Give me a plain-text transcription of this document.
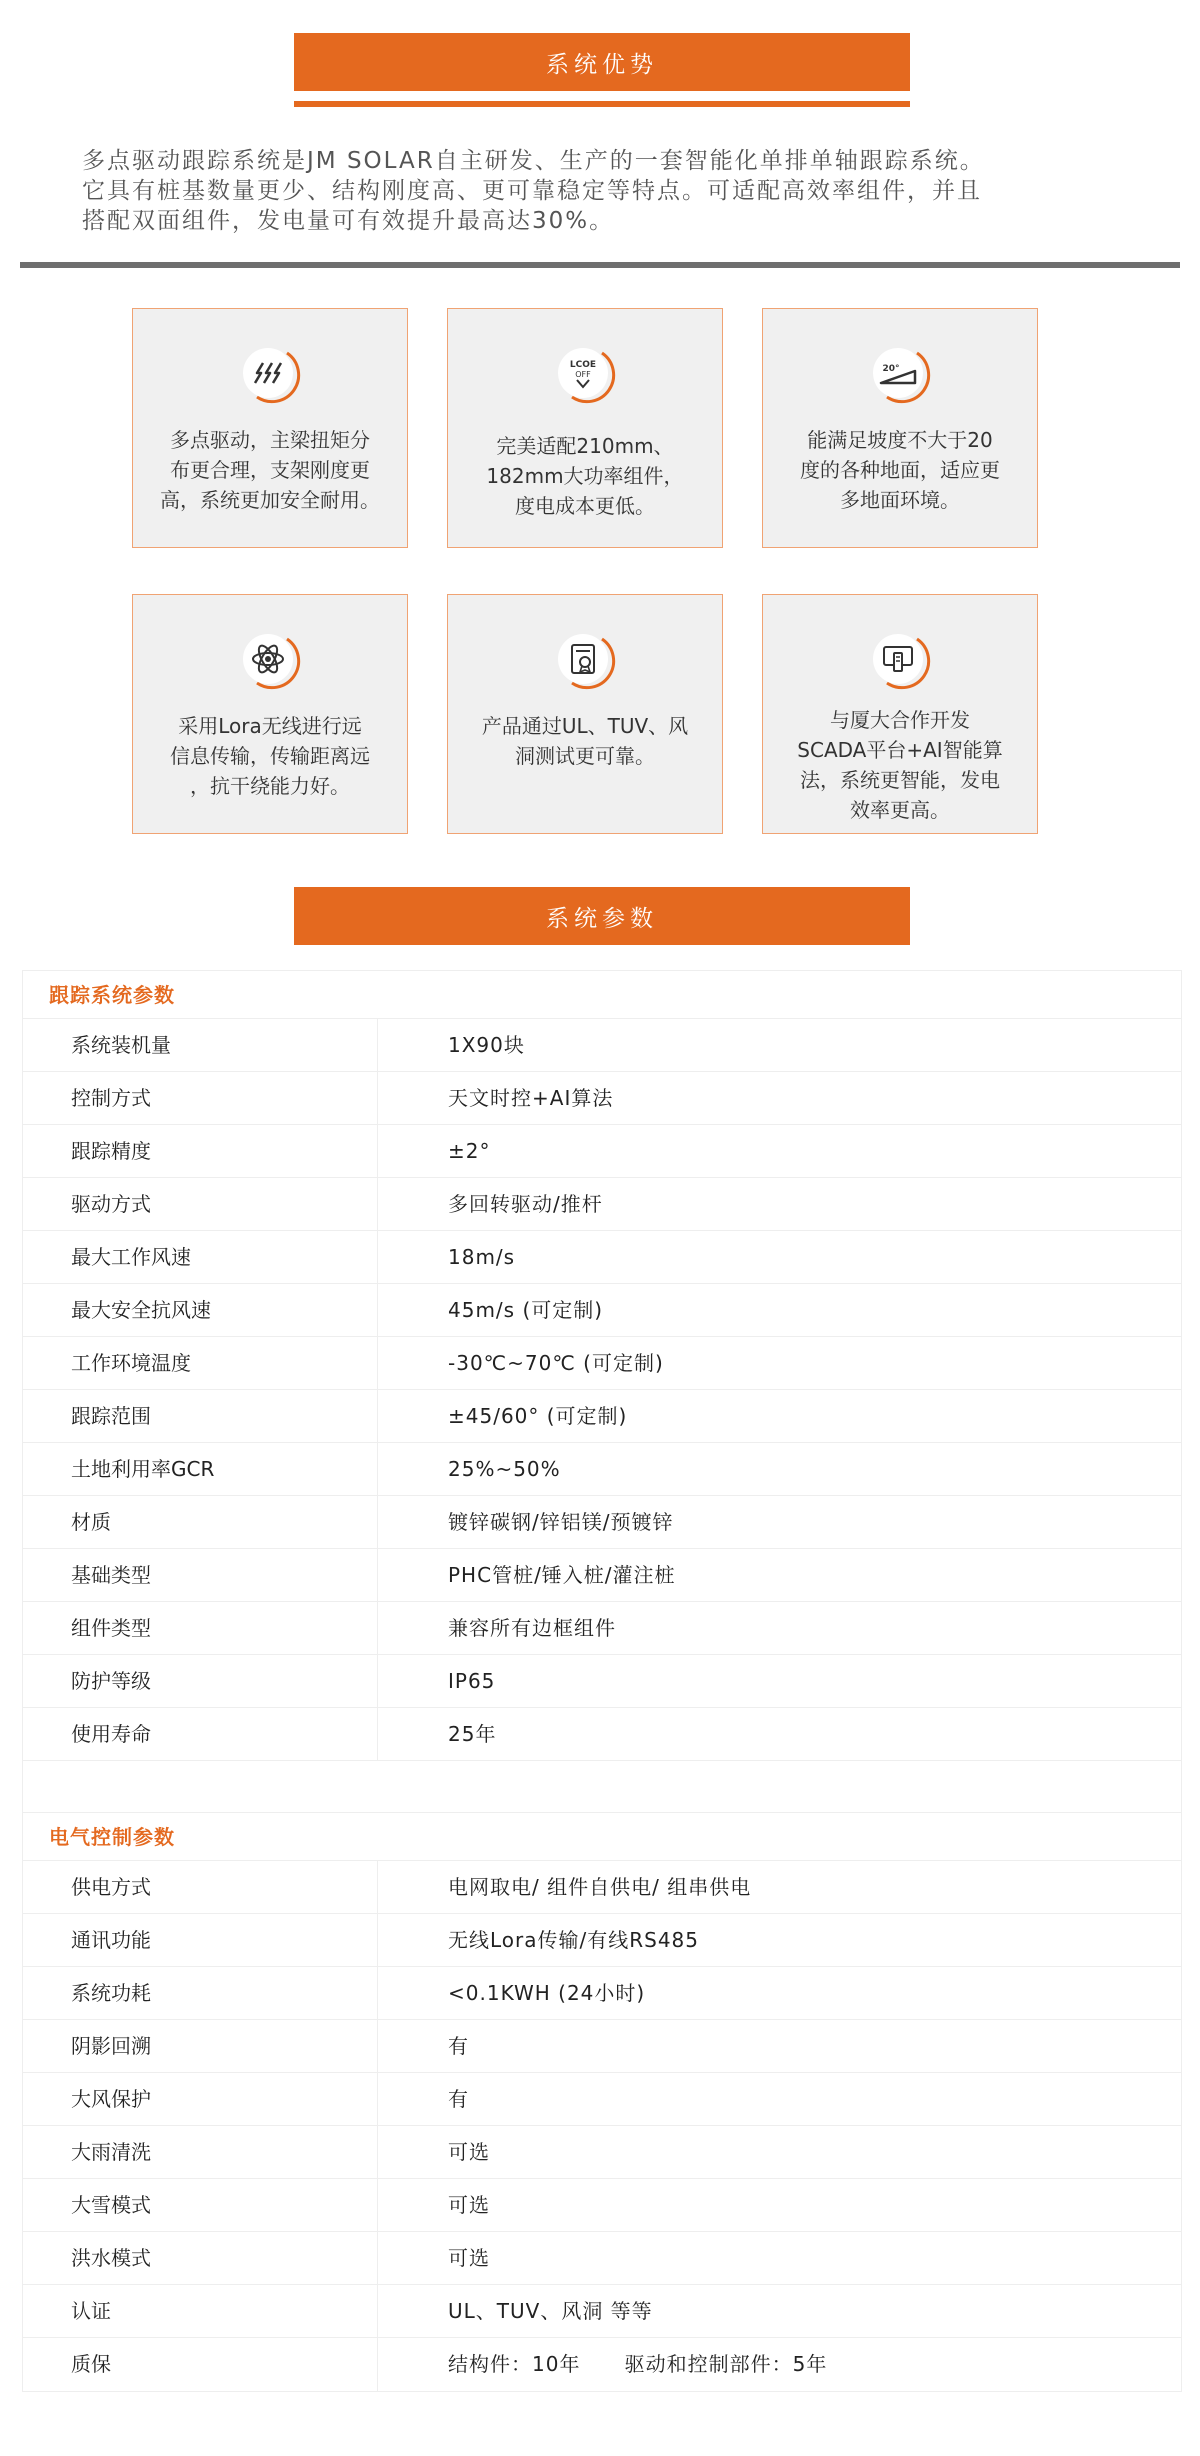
系统优势
多点驱动跟踪系统是JM SOLAR自主研发、生产的一套智能化单排单轴跟踪系统。
它具有桩基数量更少、结构刚度高、更可靠稳定等特点。可适配高效率组件，并且
搭配双面组件，发电量可有效提升最高达30%。
多点驱动，主梁扭矩分
布更合理，支架刚度更
高，系统更加安全耐用。
LCOE
OFF
完美适配210mm、
182mm大功率组件，
度电成本更低。
20°
能满足坡度不大于20
度的各种地面，适应更
多地面环境。
采用Lora无线进行远
信息传输，传输距离远
，抗干绕能力好。
产品通过UL、TUV、风
洞测试更可靠。
与厦大合作开发
SCADA平台+AI智能算
法，系统更智能，发电
效率更高。
系统参数
跟踪系统参数
系统装机量	1X90块
控制方式	天文时控+AI算法
跟踪精度	±2°
驱动方式	多回转驱动/推杆
最大工作风速	18m/s
最大安全抗风速	45m/s (可定制)
工作环境温度	-30℃~70℃ (可定制)
跟踪范围	±45/60° (可定制)
土地利用率GCR	25%~50%
材质	镀锌碳钢/锌铝镁/预镀锌
基础类型	PHC管桩/锤入桩/灌注桩
组件类型	兼容所有边框组件
防护等级	IP65
使用寿命	25年
电气控制参数
供电方式	电网取电/ 组件自供电/ 组串供电
通讯功能	无线Lora传输/有线RS485
系统功耗	<0.1KWH (24小时)
阴影回溯	有
大风保护	有
大雨清洗	可选
大雪模式	可选
洪水模式	可选
认证	UL、TUV、风洞 等等
质保	结构件：10年      驱动和控制部件：5年
